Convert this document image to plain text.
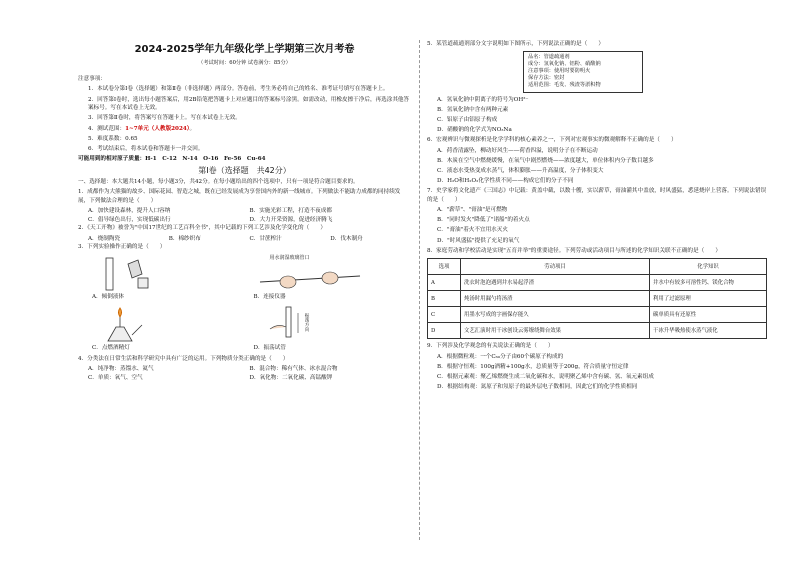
2024-2025学年九年级化学上学期第三次月考卷
（考试时间：60分钟 试卷满分：85分）
注意事项：
1．本试卷分第Ⅰ卷（选择题）和第Ⅱ卷（非选择题）两部分。答卷前，考生务必将自己的姓名、准考证号填写在答题卡上。
2．回答第Ⅰ卷时，选出每小题答案后，用2B铅笔把答题卡上对应题目的答案标号涂黑。如需改动，用橡皮擦干净后，再选涂其他答案标号。写在本试卷上无效。
3．回答第Ⅱ卷时，将答案写在答题卡上。写在本试卷上无效。
4．测试范围：1~7单元（人教版2024）。
5．难度系数：0.65
6．考试结束后，将本试卷和答题卡一并交回。
可能用到的相对原子质量：H-1　C-12　N-14　O-16　Fe-56　Cu-64
第Ⅰ卷（选择题　共42分）
一、选择题：本大题共14小题，每小题3分，共42分。在每小题给出的四个选项中，只有一项是符合题目要求的。
1．成都作为大熊猫的故乡、国际花园、智造之城，既在已经发展成为享誉国内外的新一线城市。下列做法不能助力成都的同持续发展，下列做法合理的是（　　）
A．加快建设森林，提升人口容纳	B．实施光彩工程，打造不夜成都
C．倡导绿色出行，实现低碳出行	D．大力开采资源，促进经济腾飞
2．《天工开物》被誉为"中国17世纪的工艺百科全书"，其中记载的下列工艺涉及化学变化的（　　）
A．烧制陶瓷	B．棉纱织布	C．甘蔗榨汁	D．伐木制舟
3．下列实验操作正确的是（　　）
A．倾倒液体
用水润湿玻璃管口
B．连接仪器
C．点燃酒精灯
振荡方向
D．振荡试管
4．分类法在日常生活和科学研究中具有广泛的运用。下列物质分类正确的是（　　）
A．纯净物：蒸馏水、氦气	B．混合物：稀有气体、冰水混合物
C．单质：氧气、空气	D．氧化物：二氧化碳、高锰酸钾
5．某管道疏通剂部分文字说明如下图所示，下列说法正确的是（　　）
品名：管道疏通剂
成分：氢氧化钠、铝粉、硝酸钠
注意事项：使用时要防明火
保存方法：密封
适用范围：毛发、残渣等淤积物
A．氢氧化钠中阴离子的符号为OH²⁻
B．氢氧化钠中含有两种元素
C．铝原子由铝原子构成
D．硝酸钠的化学式为NO₃Na
6．宏观辨识与微观探析是化学学科的核心素养之一，下列对宏观事实的微观解释不正确的是（　　）
A．荷香清露坠，柳动好风生——荷香四溢，说明分子在不断运动
B．木炭在空气中燃烧缓慢，在氧气中剧烈燃烧——浓度越大，单位体积内分子数目越多
C．液态水受热变成水蒸气，体积膨胀——升高温度，分子体积变大
D．H₂O和H₂O₂化学性质不同——构成它们的分子不同
7．史学家将文化遗产《三国志》中记载：黄盖中截，以数十艘，实以薪草，膏油灌其中盖放，时风盛猛，悉延烧岸上营落。下列说法错误的是（　　）
A．"薪草"、"膏油"是可燃物
B．"同时发火"降低了"诸船"的着火点
C．"膏油"着火不宜用水灭火
D．"时风盛猛"提供了充足的氧气
8．家庭劳动和学校活动是实现"五育并举"的重要途径。下列劳动或活动项目与所述的化学知识关联不正确的是（　　）
选项	劳动项目	化学知识
A	洗衣时泡泡遇到井水易起浮渣	井水中有较多可溶性钙、镁化合物
B	炖汤时用漏勺将汤渣	利用了过滤原理
C	用墨水写成的字画保存能久	碳单质具有还原性
D	文艺汇演时用干冰创设云雾缭绕舞台效果	干冰升华吸热使水蒸气液化
9．下列涉及化学观念的有关说法正确的是（　　）
A．根据微粒观：一个C₆₀分子由60个碳原子构成的
B．根据守恒观：100g酒精+100g水，总质量等于200g，符合质量守恒定律
C．根据元素观：聚乙烯燃烧生成二氧化碳和水，说明聚乙烯中含有碳、氢、氧元素组成
D．根据结构观：氮原子和氖原子的最外层电子数相同，因此它们的化学性质相同
